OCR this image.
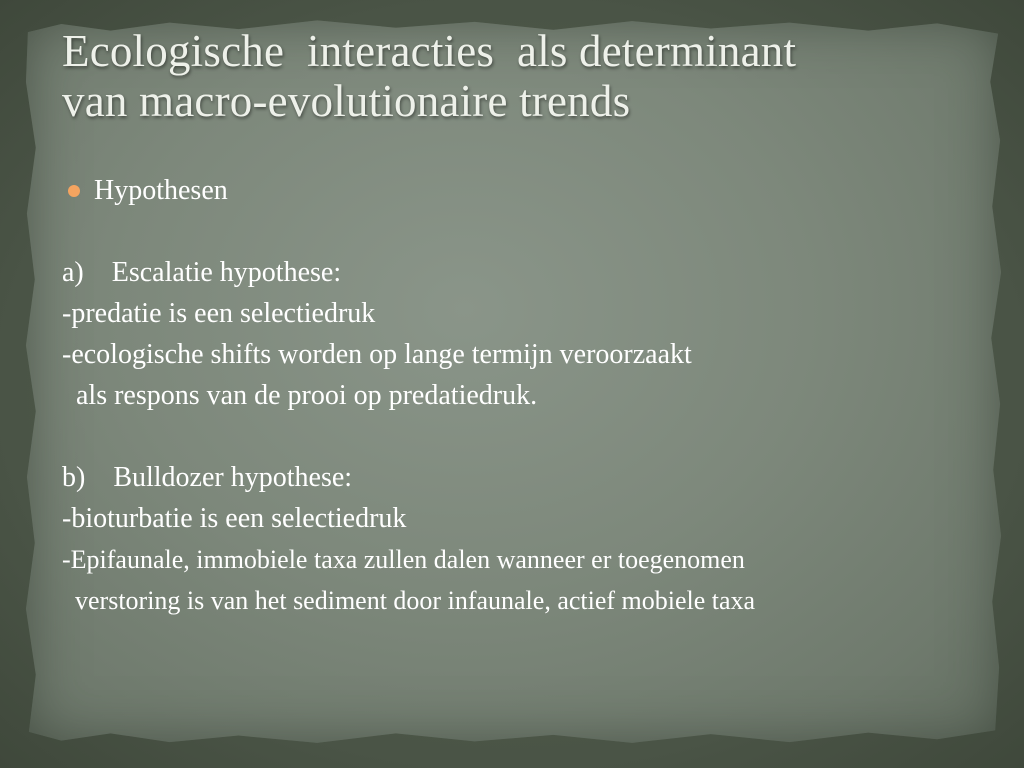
Ecologische  interacties  als determinant
van macro-evolutionaire trends
Hypothesen
a)    Escalatie hypothese:
-predatie is een selectiedruk
-ecologische shifts worden op lange termijn veroorzaakt
als respons van de prooi op predatiedruk.
b)    Bulldozer hypothese:
-bioturbatie is een selectiedruk
-Epifaunale, immobiele taxa zullen dalen wanneer er toegenomen
verstoring is van het sediment door infaunale, actief mobiele taxa
